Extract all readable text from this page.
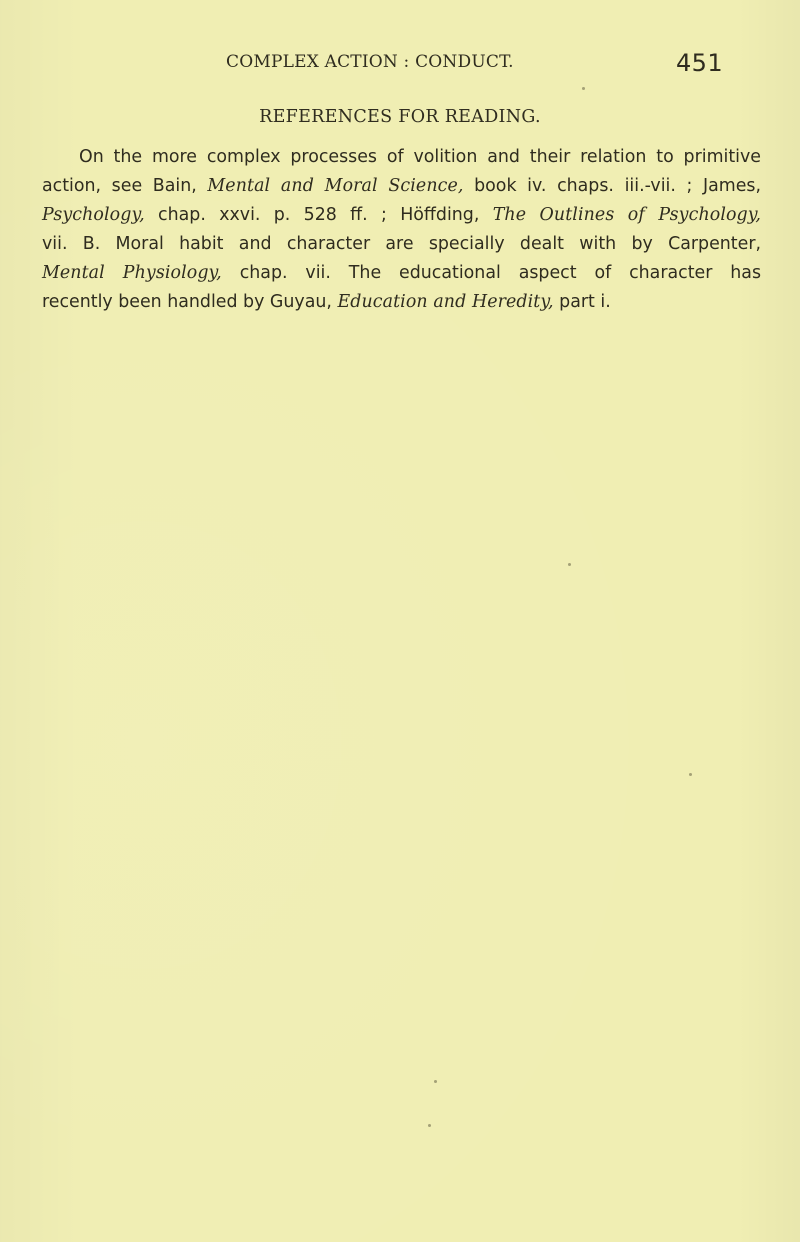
COMPLEX ACTION : CONDUCT.	451
REFERENCES FOR READING.
On the more complex processes of volition and their relation to primitive
action, see Bain, Mental and Moral Science, book iv. chaps. iii.-vii. ; James,
Psychology, chap. xxvi. p. 528 ff. ; Höffding, The Outlines of Psychology,
vii. B. Moral habit and character are specially dealt with by Carpenter,
Mental Physiology, chap. vii. The educational aspect of character has
recently been handled by Guyau, Education and Heredity, part i.
